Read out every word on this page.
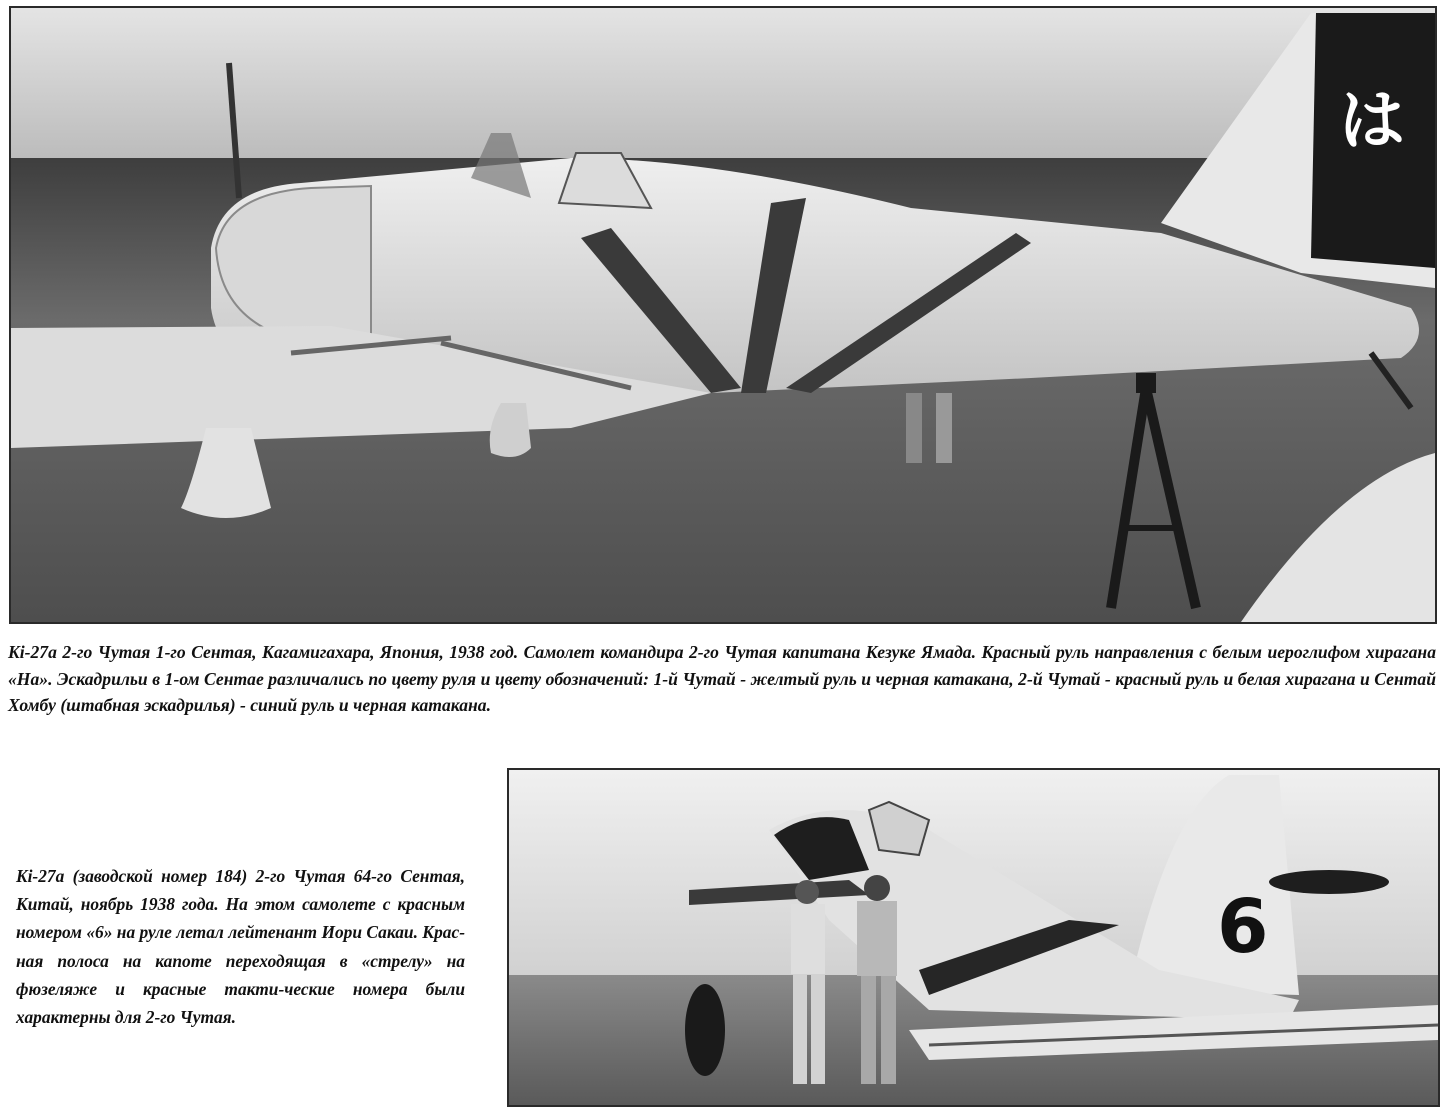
は

Ki-27а 2-го Чутая 1-го Сентая, Кагамигахара, Япония, 1938 год. Самолет командира 2-го Чутая капитана Кезуке Ямада. Красный руль направления с белым иероглифом хирагана «На». Эскадрильи в 1-ом Сентае различались по цвету руля и цвету обозначений: 1-й Чутай - желтый руль и черная катакана, 2-й Чутай - красный руль и белая хирагана и Сентай Хомбу (штабная эскадрилья) - синий руль и черная катакана.

6

Ki-27а (заводской номер 184) 2-го Чутая 64-го Сентая, Китай, ноябрь 1938 года. На этом самолете с красным номером «6» на руле летал лейтенант Иори Сакаи. Крас-ная полоса на капоте переходящая в «стрелу» на фюзеляже и красные такти-ческие номера были характерны для 2-го Чутая.
